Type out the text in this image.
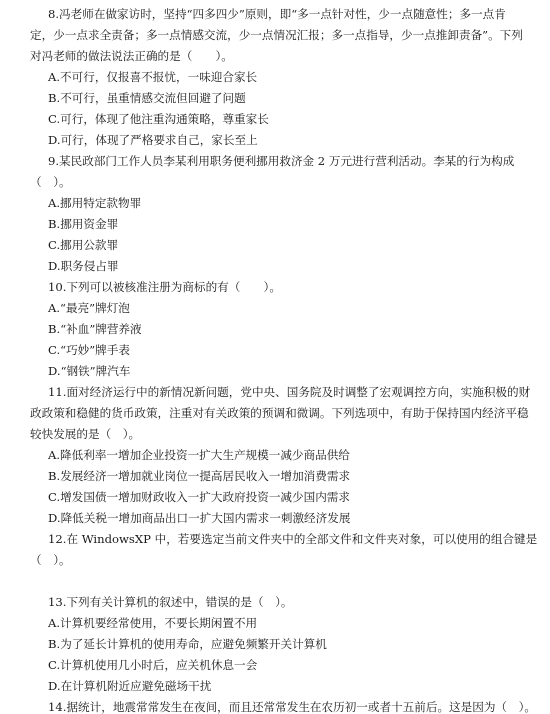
8.冯老师在做家访时，坚持“四多四少”原则，即“多一点针对性，少一点随意性；多一点肯
定，少一点求全责备；多一点情感交流，少一点情况汇报；多一点指导，少一点推卸责备”。下列
对冯老师的做法说法正确的是（　　）。
A.不可行，仅报喜不报忧，一味迎合家长
B.不可行，虽重情感交流但回避了问题
C.可行，体现了他注重沟通策略，尊重家长
D.可行，体现了严格要求自己，家长至上
9.某民政部门工作人员李某利用职务便利挪用救济金 2 万元进行营利活动。李某的行为构成
（　）。
A.挪用特定款物罪
B.挪用资金罪
C.挪用公款罪
D.职务侵占罪
10.下列可以被核准注册为商标的有（　　）。
A.“最亮”牌灯泡
B.“补血”牌营养液
C.“巧妙”牌手表
D.“钢铁”牌汽车
11.面对经济运行中的新情况新问题，党中央、国务院及时调整了宏观调控方向，实施积极的财
政政策和稳健的货币政策，注重对有关政策的预调和微调。下列选项中，有助于保持国内经济平稳
较快发展的是（　）。
A.降低利率一增加企业投资一扩大生产规模一减少商品供给
B.发展经济一增加就业岗位一提高居民收入一增加消费需求
C.增发国债一增加财政收入一扩大政府投资一减少国内需求
D.降低关税一增加商品出口一扩大国内需求一刺激经济发展
12.在 WindowsXP 中，若要选定当前文件夹中的全部文件和文件夹对象，可以使用的组合键是
（　）。
13.下列有关计算机的叙述中，错误的是（　）。
A.计算机要经常使用，不要长期闲置不用
B.为了延长计算机的使用寿命，应避免频繁开关计算机
C.计算机使用几小时后，应关机休息一会
D.在计算机附近应避免磁场干扰
14.据统计，地震常常发生在夜间，而且还常常发生在农历初一或者十五前后。这是因为（　）。
